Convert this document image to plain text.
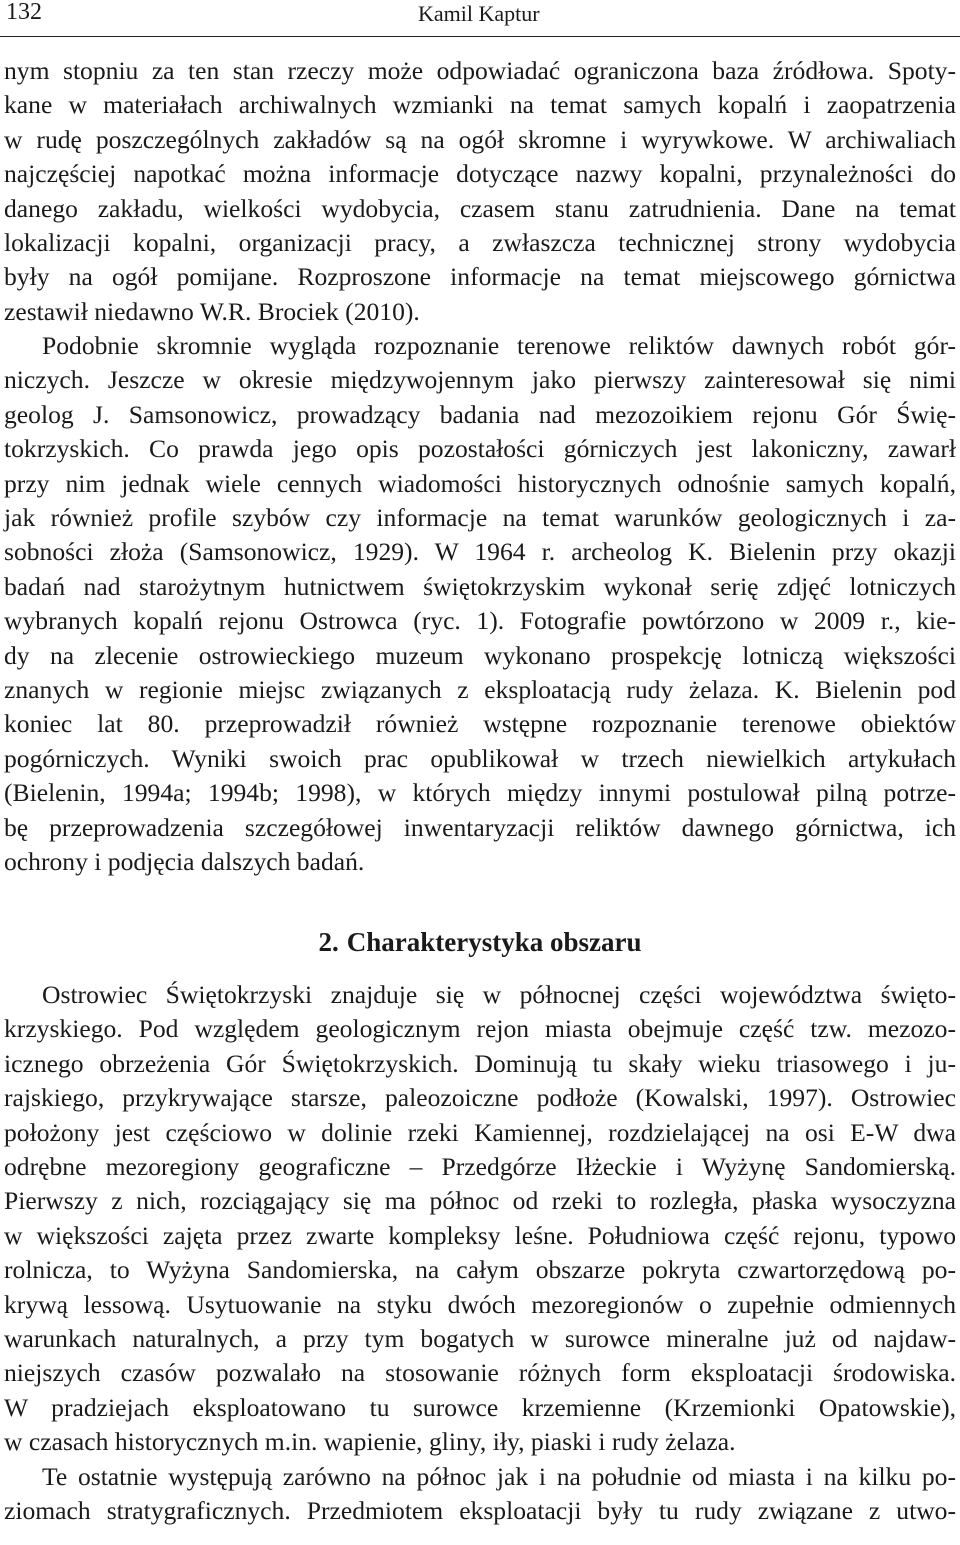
132	Kamil Kaptur
nym stopniu za ten stan rzeczy może odpowiadać ograniczona baza źródłowa. Spoty-
kane w materiałach archiwalnych wzmianki na temat samych kopalń i zaopatrzenia
w rudę poszczególnych zakładów są na ogół skromne i wyrywkowe. W archiwaliach
najczęściej napotkać można informacje dotyczące nazwy kopalni, przynależności do
danego zakładu, wielkości wydobycia, czasem stanu zatrudnienia. Dane na temat
lokalizacji kopalni, organizacji pracy, a zwłaszcza technicznej strony wydobycia
były na ogół pomijane. Rozproszone informacje na temat miejscowego górnictwa
zestawił niedawno W.R. Brociek (2010).
Podobnie skromnie wygląda rozpoznanie terenowe reliktów dawnych robót gór-
niczych. Jeszcze w okresie międzywojennym jako pierwszy zainteresował się nimi
geolog J. Samsonowicz, prowadzący badania nad mezozoikiem rejonu Gór Świę-
tokrzyskich. Co prawda jego opis pozostałości górniczych jest lakoniczny, zawarł
przy nim jednak wiele cennych wiadomości historycznych odnośnie samych kopalń,
jak również profile szybów czy informacje na temat warunków geologicznych i za-
sobności złoża (Samsonowicz, 1929). W 1964 r. archeolog K. Bielenin przy okazji
badań nad starożytnym hutnictwem świętokrzyskim wykonał serię zdjęć lotniczych
wybranych kopalń rejonu Ostrowca (ryc. 1). Fotografie powtórzono w 2009 r., kie-
dy na zlecenie ostrowieckiego muzeum wykonano prospekcję lotniczą większości
znanych w regionie miejsc związanych z eksploatacją rudy żelaza. K. Bielenin pod
koniec lat 80. przeprowadził również wstępne rozpoznanie terenowe obiektów
pogórniczych. Wyniki swoich prac opublikował w trzech niewielkich artykułach
(Bielenin, 1994a; 1994b; 1998), w których między innymi postulował pilną potrze-
bę przeprowadzenia szczegółowej inwentaryzacji reliktów dawnego górnictwa, ich
ochrony i podjęcia dalszych badań.
2. Charakterystyka obszaru
Ostrowiec Świętokrzyski znajduje się w północnej części województwa święto-
krzyskiego. Pod względem geologicznym rejon miasta obejmuje część tzw. mezozo-
icznego obrzeżenia Gór Świętokrzyskich. Dominują tu skały wieku triasowego i ju-
rajskiego, przykrywające starsze, paleozoiczne podłoże (Kowalski, 1997). Ostrowiec
położony jest częściowo w dolinie rzeki Kamiennej, rozdzielającej na osi E-W dwa
odrębne mezoregiony geograficzne – Przedgórze Iłżeckie i Wyżynę Sandomierską.
Pierwszy z nich, rozciągający się ma północ od rzeki to rozległa, płaska wysoczyzna
w większości zajęta przez zwarte kompleksy leśne. Południowa część rejonu, typowo
rolnicza, to Wyżyna Sandomierska, na całym obszarze pokryta czwartorzędową po-
krywą lessową. Usytuowanie na styku dwóch mezoregionów o zupełnie odmiennych
warunkach naturalnych, a przy tym bogatych w surowce mineralne już od najdaw-
niejszych czasów pozwalało na stosowanie różnych form eksploatacji środowiska.
W pradziejach eksploatowano tu surowce krzemienne (Krzemionki Opatowskie),
w czasach historycznych m.in. wapienie, gliny, iły, piaski i rudy żelaza.
Te ostatnie występują zarówno na północ jak i na południe od miasta i na kilku po-
ziomach stratygraficznych. Przedmiotem eksploatacji były tu rudy związane z utwo-
